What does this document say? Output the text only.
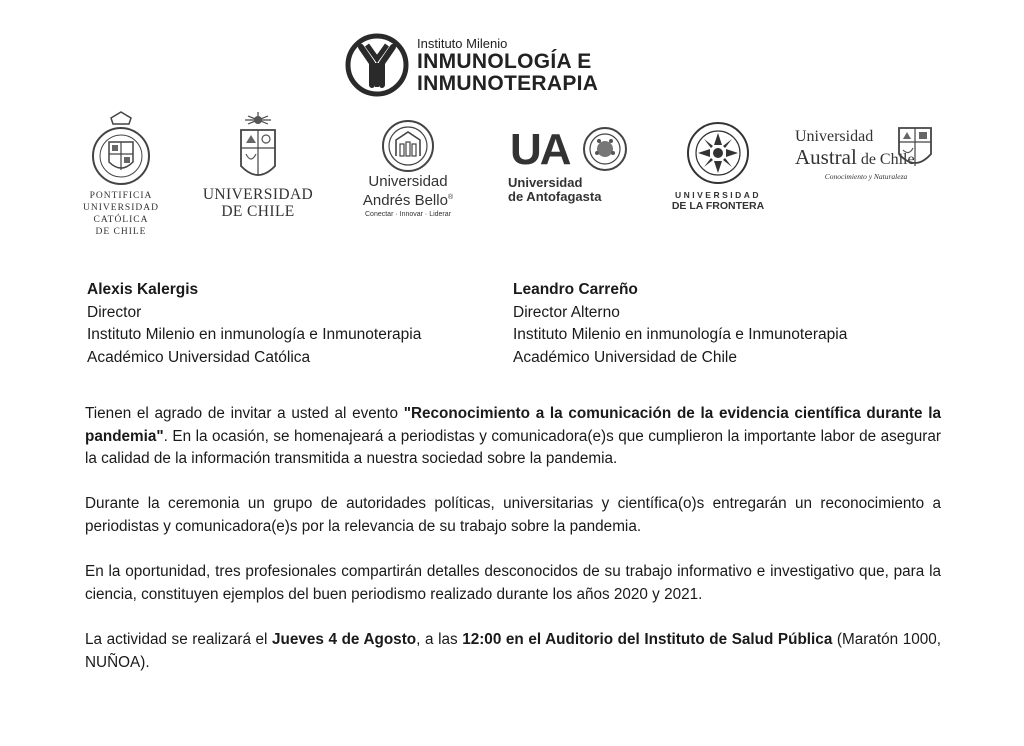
Instituto Milenio
INMUNOLOGÍA E
INMUNOTERAPIA
PONTIFICIA
UNIVERSIDAD
CATÓLICA
DE CHILE
UNIVERSIDAD
DE CHILE
Universidad
Andrés Bello®
Conectar · Innovar · Liderar
UA
Universidad
de Antofagasta	UNIVERSIDAD
DE LA FRONTERA
Universidad
Austral de Chile
Conocimiento y Naturaleza
Alexis Kalergis
Director
Instituto Milenio en inmunología e Inmunoterapia
Académico Universidad Católica
Leandro Carreño
Director Alterno
Instituto Milenio en inmunología e Inmunoterapia
Académico Universidad de Chile

Tienen el agrado de invitar a usted al evento "Reconocimiento a la comunicación de la evidencia científica durante la pandemia". En la ocasión, se homenajeará a periodistas y comunicadora(e)s que cumplieron la importante labor de asegurar la calidad de la información transmitida a nuestra sociedad sobre la pandemia.

Durante la ceremonia un grupo de autoridades políticas, universitarias y científica(o)s entregarán un reconocimiento a periodistas y comunicadora(e)s por la relevancia de su trabajo sobre la pandemia.

En la oportunidad, tres profesionales compartirán detalles desconocidos de su trabajo informativo e investigativo que, para la ciencia, constituyen ejemplos del buen periodismo realizado durante los años 2020 y 2021.

La actividad se realizará el Jueves 4 de Agosto, a las 12:00 en el Auditorio del Instituto de Salud Pública (Maratón 1000, NUÑOA).
